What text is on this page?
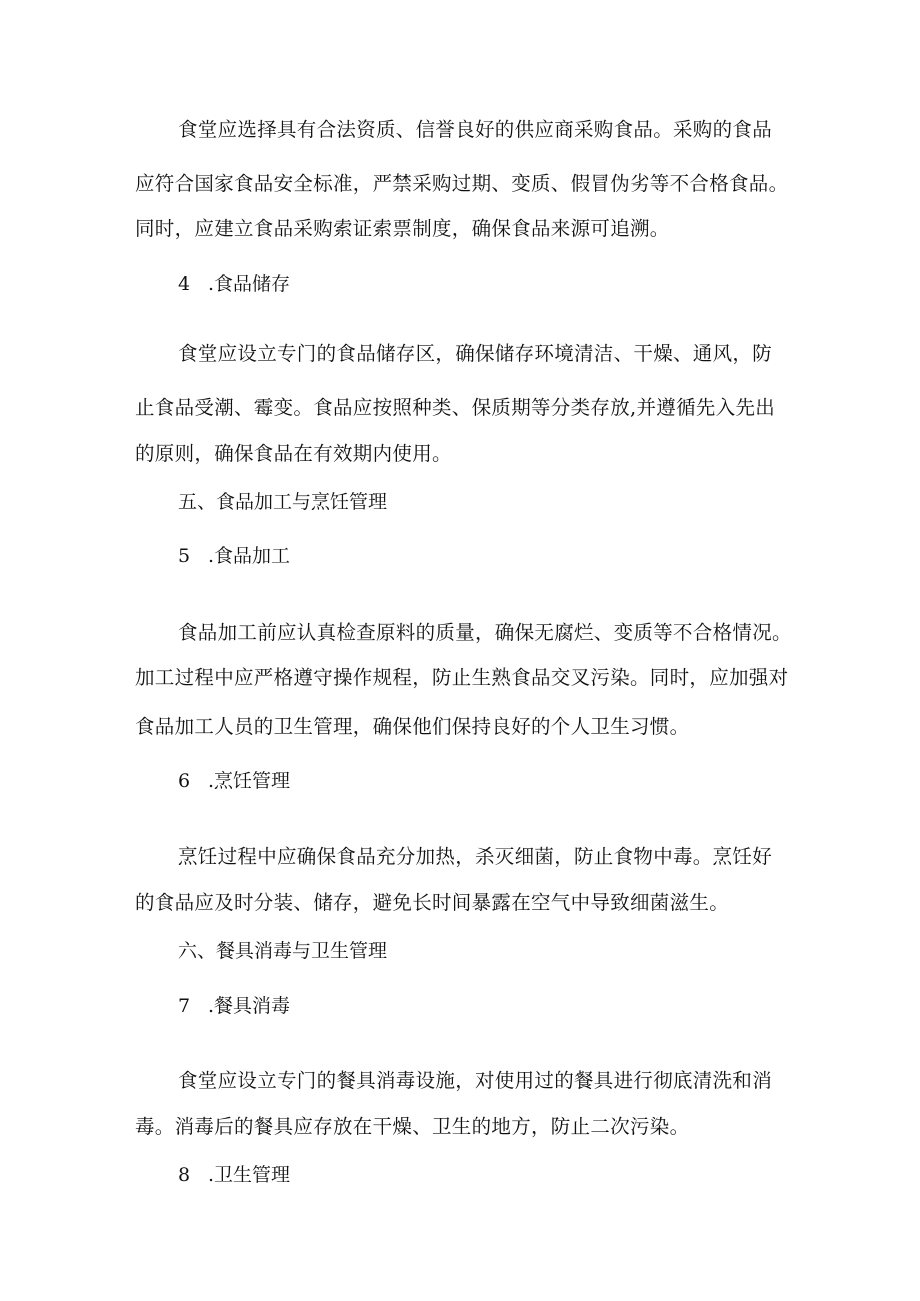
食堂应选择具有合法资质、信誉良好的供应商采购食品。采购的食品
应符合国家食品安全标准，严禁采购过期、变质、假冒伪劣等不合格食品。
同时，应建立食品采购索证索票制度，确保食品来源可追溯。
4 .食品储存
食堂应设立专门的食品储存区，确保储存环境清洁、干燥、通风，防
止食品受潮、霉变。食品应按照种类、保质期等分类存放,并遵循先入先出
的原则，确保食品在有效期内使用。
五、食品加工与烹饪管理
5 .食品加工
食品加工前应认真检查原料的质量，确保无腐烂、变质等不合格情况。
加工过程中应严格遵守操作规程，防止生熟食品交叉污染。同时，应加强对
食品加工人员的卫生管理，确保他们保持良好的个人卫生习惯。
6 .烹饪管理
烹饪过程中应确保食品充分加热，杀灭细菌，防止食物中毒。烹饪好
的食品应及时分装、储存，避免长时间暴露在空气中导致细菌滋生。
六、餐具消毒与卫生管理
7 .餐具消毒
食堂应设立专门的餐具消毒设施，对使用过的餐具进行彻底清洗和消
毒。消毒后的餐具应存放在干燥、卫生的地方，防止二次污染。
8 .卫生管理
